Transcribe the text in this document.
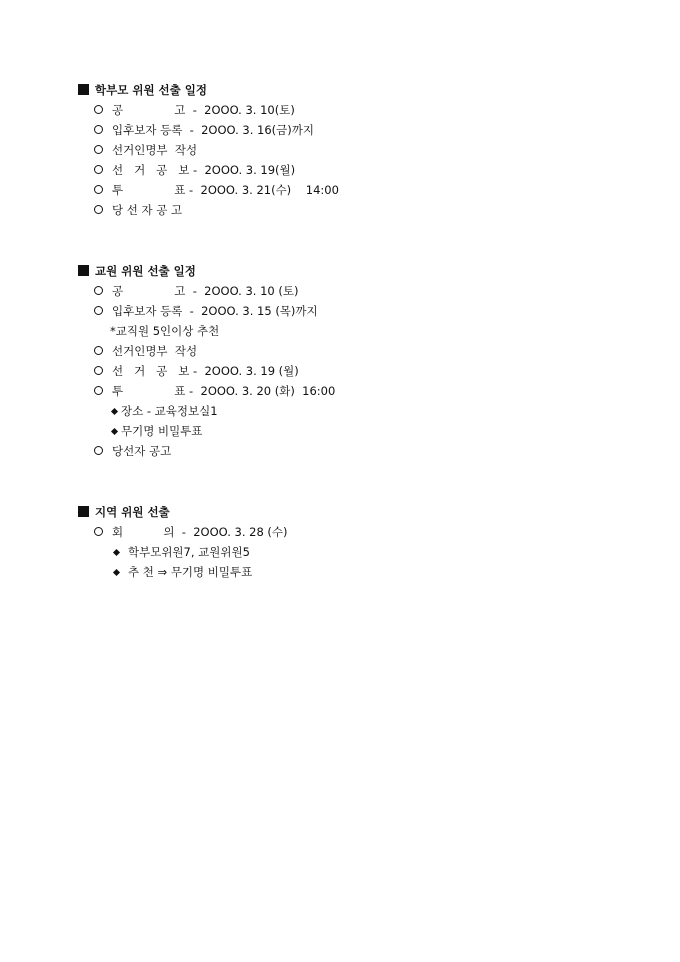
학부모 위원 선출 일정
공              고  -  2OOO. 3. 10(토)
입후보자 등록  -  2OOO. 3. 16(금)까지
선거인명부  작성
선   거   공   보 -  2OOO. 3. 19(월)
투              표 -  2OOO. 3. 21(수)    14:00
당 선 자 공 고
교원 위원 선출 일정
공              고  -  2OOO. 3. 10 (토)
입후보자 등록  -  2OOO. 3. 15 (목)까지
*교직원 5인이상 추천
선거인명부  작성
선   거   공   보 -  2OOO. 3. 19 (월)
투              표 -  2OOO. 3. 20 (화)  16:00
장소 - 교육정보실1
무기명 비밀투표
당선자 공고
지역 위원 선출
회           의  -  2OOO. 3. 28 (수)
학부모위원7, 교원위원5
추 천 ⇒ 무기명 비밀투표
